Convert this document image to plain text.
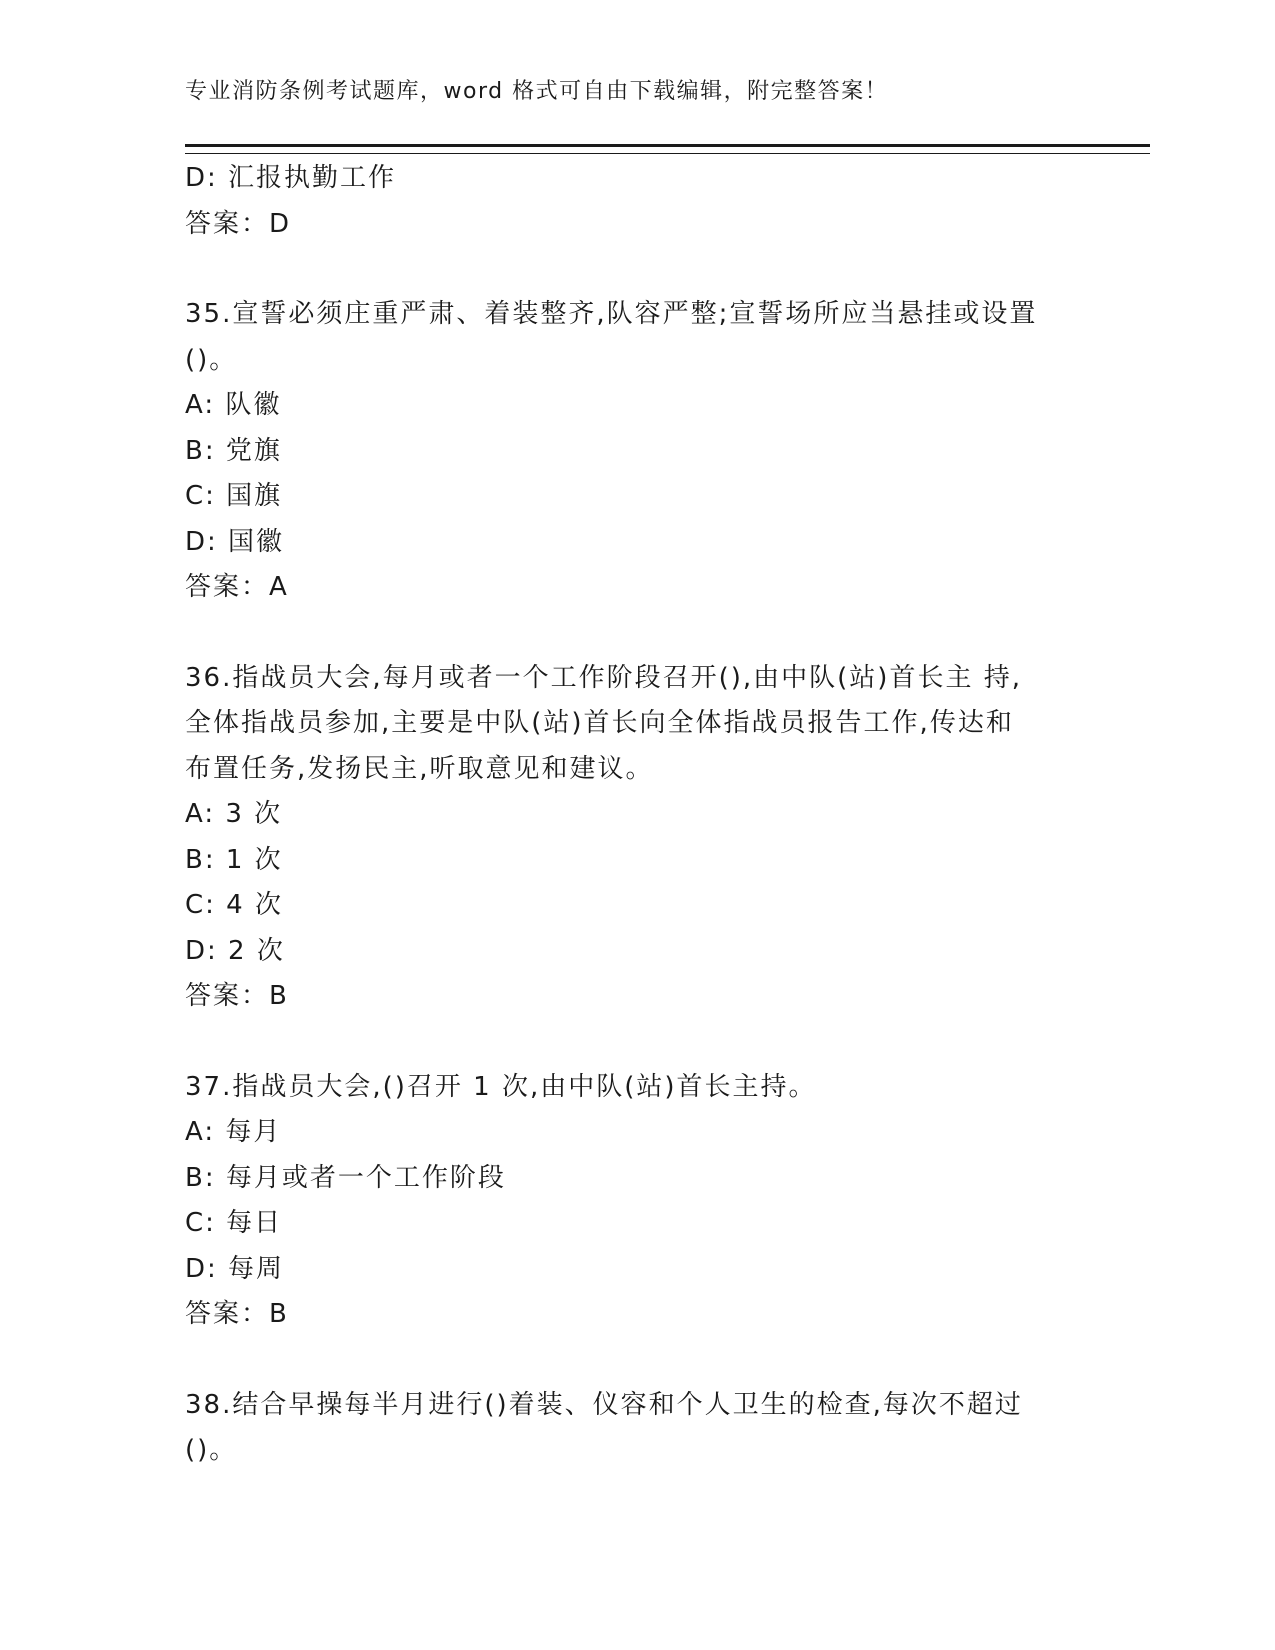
专业消防条例考试题库，word 格式可自由下载编辑，附完整答案！
D: 汇报执勤工作
答案：D
35.宣誓必须庄重严肃、着装整齐,队容严整;宣誓场所应当悬挂或设置
()。
A: 队徽
B: 党旗
C: 国旗
D: 国徽
答案：A
36.指战员大会,每月或者一个工作阶段召开(),由中队(站)首长主 持,
全体指战员参加,主要是中队(站)首长向全体指战员报告工作,传达和
布置任务,发扬民主,听取意见和建议。
A: 3 次
B: 1 次
C: 4 次
D: 2 次
答案：B
37.指战员大会,()召开 1 次,由中队(站)首长主持。
A: 每月
B: 每月或者一个工作阶段
C: 每日
D: 每周
答案：B
38.结合早操每半月进行()着装、仪容和个人卫生的检查,每次不超过
()。
